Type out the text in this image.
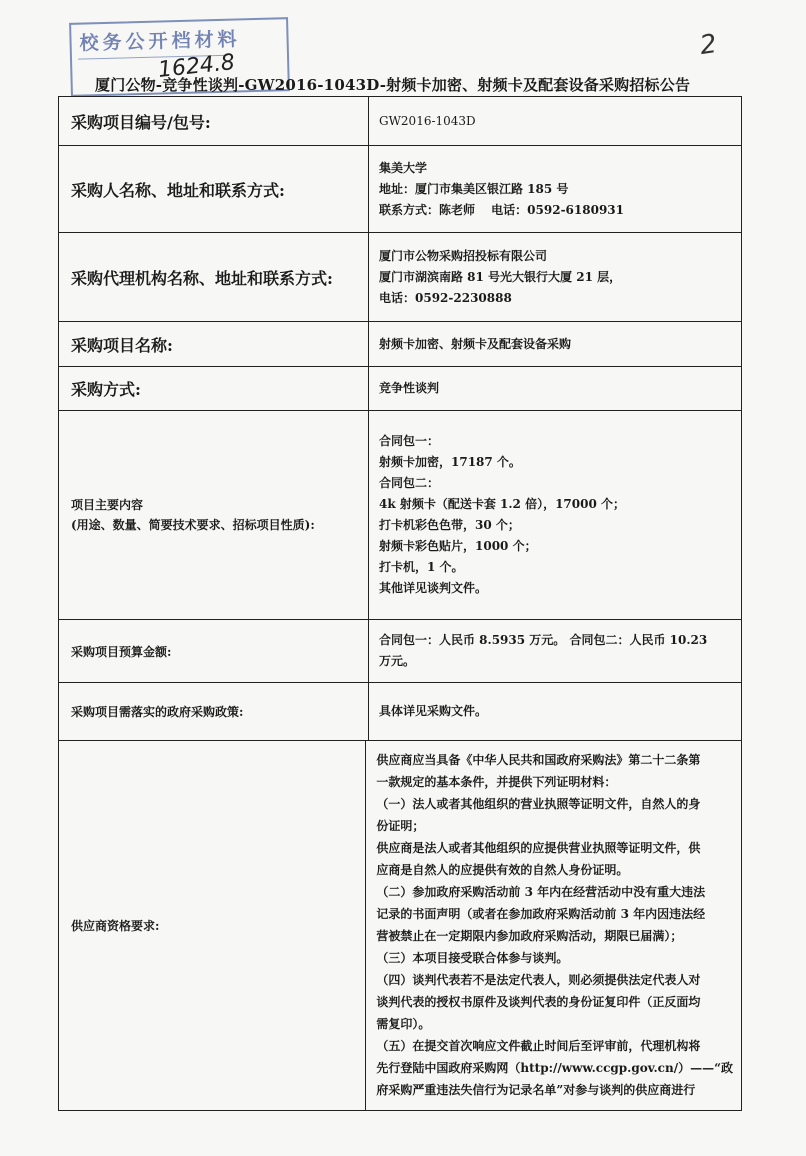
校务公开档材料
1624.8
2
厦门公物-竞争性谈判-GW2016-1043D-射频卡加密、射频卡及配套设备采购招标公告
采购项目编号/包号:	GW2016-1043D
采购人名称、地址和联系方式:
集美大学
地址：厦门市集美区银江路 185 号
联系方式：陈老师　 电话：0592-6180931
采购代理机构名称、地址和联系方式:
厦门市公物采购招投标有限公司
厦门市湖滨南路 81 号光大银行大厦 21 层，
电话：0592-2230888
采购项目名称:	射频卡加密、射频卡及配套设备采购
采购方式:	竞争性谈判
项目主要内容
(用途、数量、简要技术要求、招标项目性质):
合同包一：
射频卡加密，17187 个。
合同包二：
4k 射频卡（配送卡套 1.2 倍），17000 个；
打卡机彩色色带，30 个；
射频卡彩色贴片，1000 个；
打卡机，1 个。
其他详见谈判文件。
采购项目预算金额:
合同包一：人民币 8.5935 万元。 合同包二：人民币 10.23
万元。
采购项目需落实的政府采购政策:	具体详见采购文件。
供应商资格要求:
供应商应当具备《中华人民共和国政府采购法》第二十二条第
一款规定的基本条件，并提供下列证明材料：
（一）法人或者其他组织的营业执照等证明文件，自然人的身
份证明；
供应商是法人或者其他组织的应提供营业执照等证明文件，供
应商是自然人的应提供有效的自然人身份证明。
（二）参加政府采购活动前 3 年内在经营活动中没有重大违法
记录的书面声明（或者在参加政府采购活动前 3 年内因违法经
营被禁止在一定期限内参加政府采购活动，期限已届满）；
（三）本项目接受联合体参与谈判。
（四）谈判代表若不是法定代表人，则必须提供法定代表人对
谈判代表的授权书原件及谈判代表的身份证复印件（正反面均
需复印）。
（五）在提交首次响应文件截止时间后至评审前，代理机构将
先行登陆中国政府采购网（http://www.ccgp.gov.cn/）——“政
府采购严重违法失信行为记录名单”对参与谈判的供应商进行
